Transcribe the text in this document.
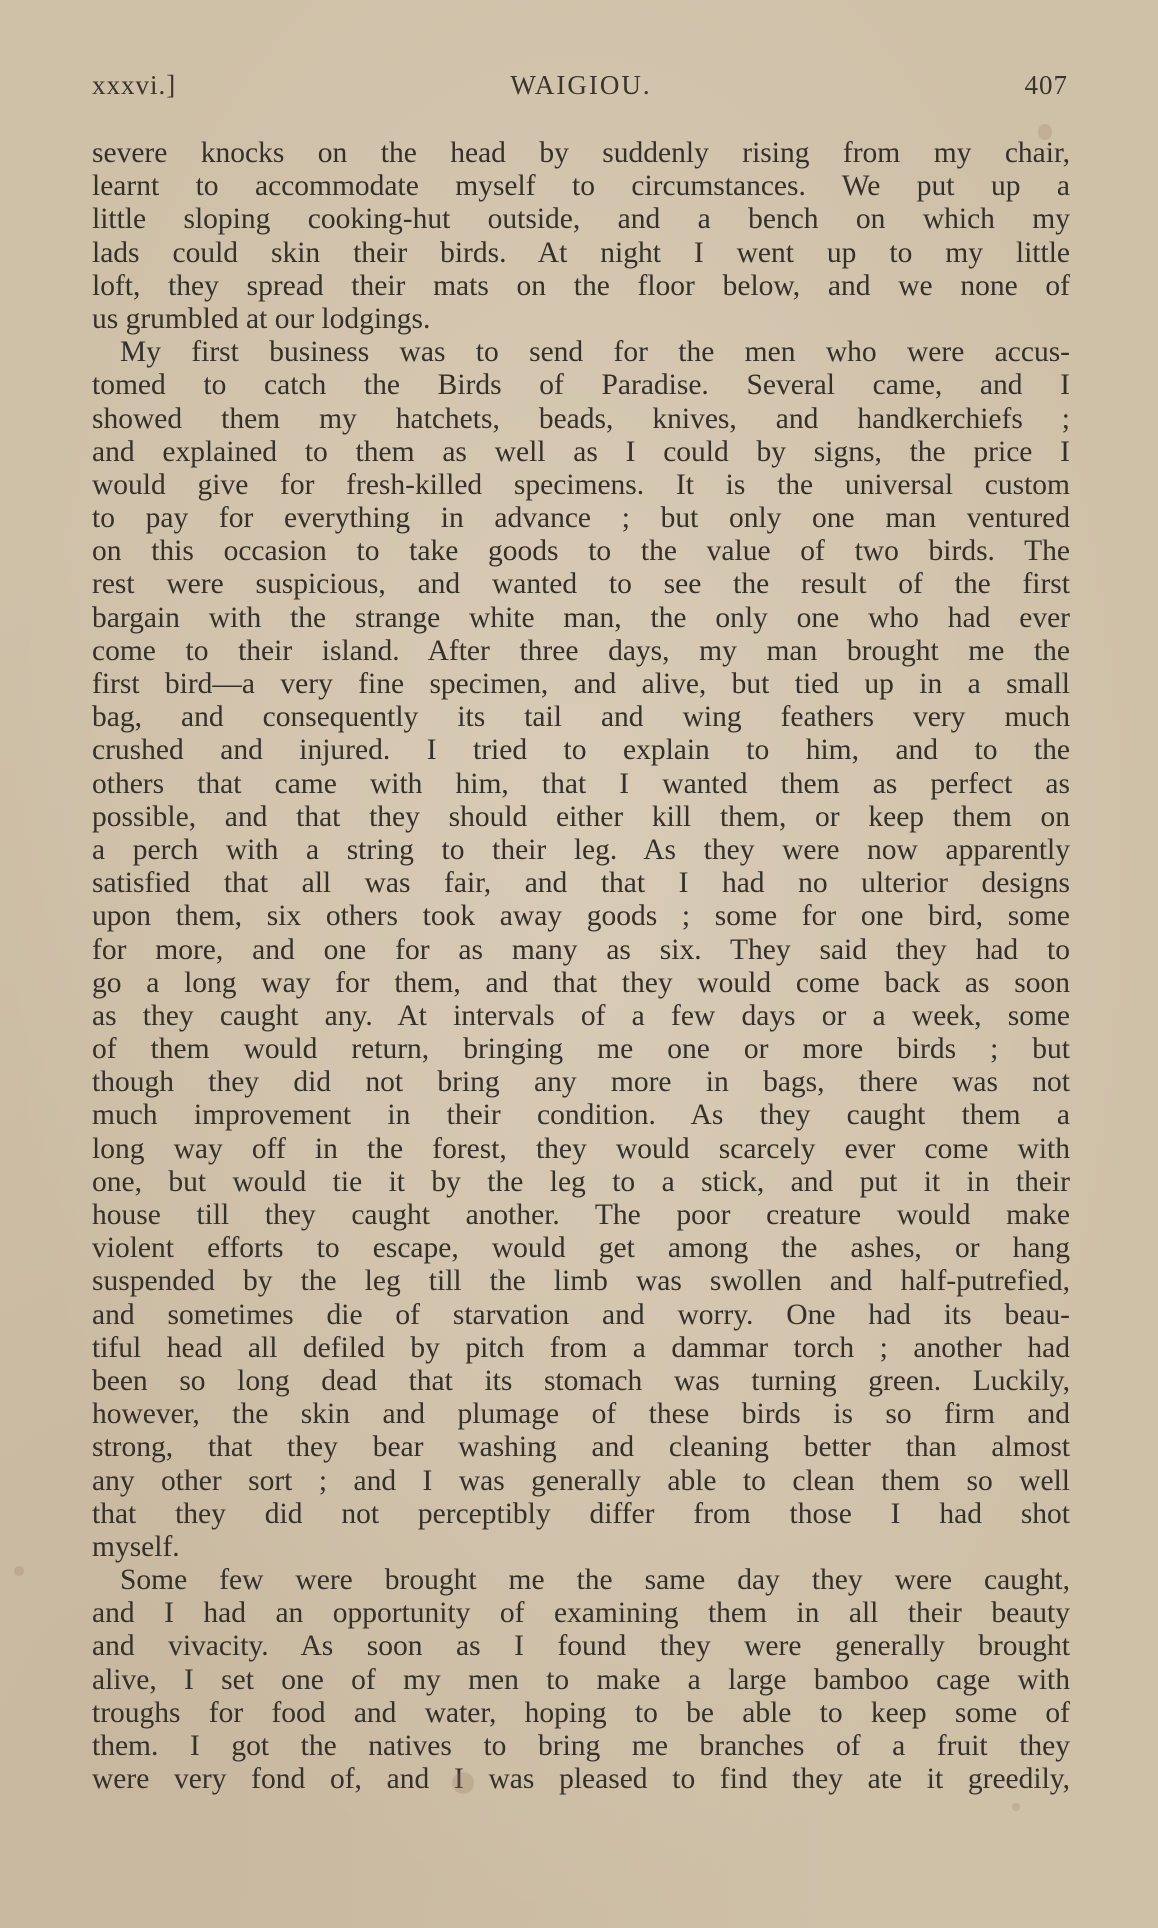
xxxvi.]	WAIGIOU.	407
severe knocks on the head by suddenly rising from my chair,
learnt to accommodate myself to circumstances. We put up a
little sloping cooking-hut outside, and a bench on which my
lads could skin their birds. At night I went up to my little
loft, they spread their mats on the floor below, and we none of
us grumbled at our lodgings.
My first business was to send for the men who were accus-
tomed to catch the Birds of Paradise. Several came, and I
showed them my hatchets, beads, knives, and handkerchiefs ;
and explained to them as well as I could by signs, the price I
would give for fresh-killed specimens. It is the universal custom
to pay for everything in advance ; but only one man ventured
on this occasion to take goods to the value of two birds. The
rest were suspicious, and wanted to see the result of the first
bargain with the strange white man, the only one who had ever
come to their island. After three days, my man brought me the
first bird—a very fine specimen, and alive, but tied up in a small
bag, and consequently its tail and wing feathers very much
crushed and injured. I tried to explain to him, and to the
others that came with him, that I wanted them as perfect as
possible, and that they should either kill them, or keep them on
a perch with a string to their leg. As they were now apparently
satisfied that all was fair, and that I had no ulterior designs
upon them, six others took away goods ; some for one bird, some
for more, and one for as many as six. They said they had to
go a long way for them, and that they would come back as soon
as they caught any. At intervals of a few days or a week, some
of them would return, bringing me one or more birds ; but
though they did not bring any more in bags, there was not
much improvement in their condition. As they caught them a
long way off in the forest, they would scarcely ever come with
one, but would tie it by the leg to a stick, and put it in their
house till they caught another. The poor creature would make
violent efforts to escape, would get among the ashes, or hang
suspended by the leg till the limb was swollen and half-putrefied,
and sometimes die of starvation and worry. One had its beau-
tiful head all defiled by pitch from a dammar torch ; another had
been so long dead that its stomach was turning green. Luckily,
however, the skin and plumage of these birds is so firm and
strong, that they bear washing and cleaning better than almost
any other sort ; and I was generally able to clean them so well
that they did not perceptibly differ from those I had shot
myself.
Some few were brought me the same day they were caught,
and I had an opportunity of examining them in all their beauty
and vivacity. As soon as I found they were generally brought
alive, I set one of my men to make a large bamboo cage with
troughs for food and water, hoping to be able to keep some of
them. I got the natives to bring me branches of a fruit they
were very fond of, and I was pleased to find they ate it greedily,
